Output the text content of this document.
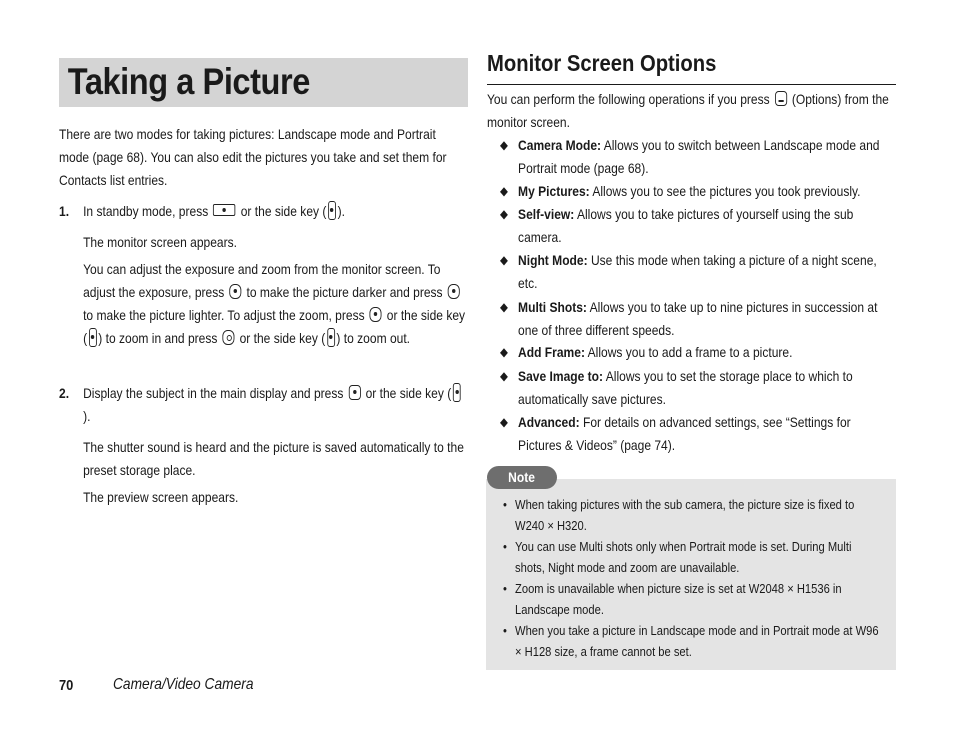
Taking a Picture
There are two modes for taking pictures: Landscape mode and Portrait mode (page 68). You can also edit the pictures you take and set them for Contacts list entries.
1. In standby mode, press or the side key ( ).

The monitor screen appears.

You can adjust the exposure and zoom from the monitor screen. To adjust the exposure, press to make the picture darker and press  to make the picture lighter. To adjust the zoom, press or the side key ( ) to zoom in and press or the side key ( ) to zoom out.

2. Display the subject in the main display and press or the side key ().

The shutter sound is heard and the picture is saved automatically to the preset storage place.

The preview screen appears.

Monitor Screen Options
You can perform the following operations if you press (Options) from the monitor screen.
◆ Camera Mode: Allows you to switch between Landscape mode and Portrait mode (page 68).
◆ My Pictures: Allows you to see the pictures you took previously.
◆ Self-view: Allows you to take pictures of yourself using the sub camera.
◆ Night Mode: Use this mode when taking a picture of a night scene, etc.
◆ Multi Shots: Allows you to take up to nine pictures in succession at one of three different speeds.
◆ Add Frame: Allows you to add a frame to a picture.
◆ Save Image to: Allows you to set the storage place to which to automatically save pictures.
◆ Advanced: For details on advanced settings, see “Settings for Pictures & Videos” (page 74).
Note
• When taking pictures with the sub camera, the picture size is fixed to W240 × H320.
• You can use Multi shots only when Portrait mode is set. During Multi shots, Night mode and zoom are unavailable.
• Zoom is unavailable when picture size is set at W2048 × H1536 in Landscape mode.
• When you take a picture in Landscape mode and in Portrait mode at W96 × H128 size, a frame cannot be set.
70 Camera/Video Camera
